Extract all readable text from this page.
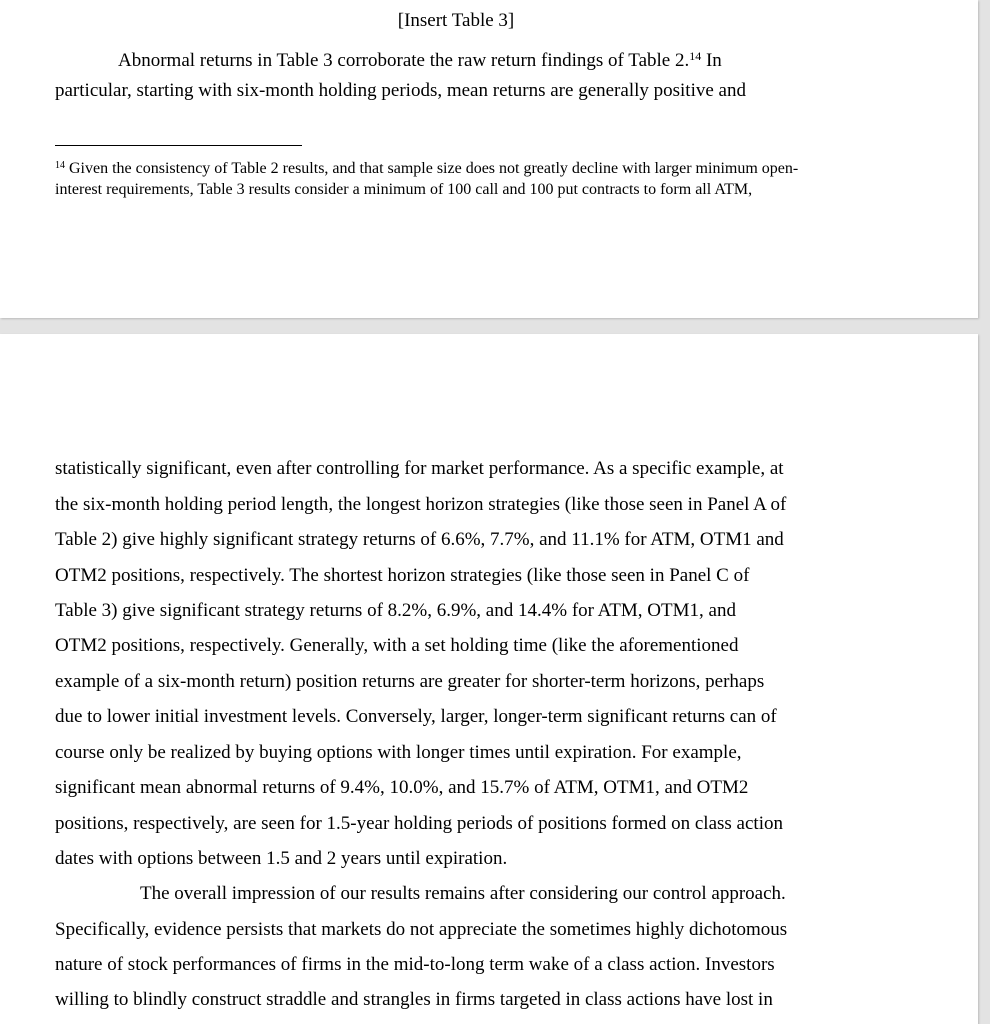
[Insert Table 3]
Abnormal returns in Table 3 corroborate the raw return findings of Table 2.14 In
particular, starting with six-month holding periods, mean returns are generally positive and
$^{14}$ Given the consistency of Table 2 results, and that sample size does not greatly decline with larger minimum open-
interest requirements, Table 3 results consider a minimum of 100 call and 100 put contracts to form all ATM,
statistically significant, even after controlling for market performance. As a specific example, at
the six-month holding period length, the longest horizon strategies (like those seen in Panel A of
Table 2) give highly significant strategy returns of 6.6%, 7.7%, and 11.1% for ATM, OTM1 and
OTM2 positions, respectively. The shortest horizon strategies (like those seen in Panel C of
Table 3) give significant strategy returns of 8.2%, 6.9%, and 14.4% for ATM, OTM1, and
OTM2 positions, respectively. Generally, with a set holding time (like the aforementioned
example of a six-month return) position returns are greater for shorter-term horizons, perhaps
due to lower initial investment levels. Conversely, larger, longer-term significant returns can of
course only be realized by buying options with longer times until expiration. For example,
significant mean abnormal returns of 9.4%, 10.0%, and 15.7% of ATM, OTM1, and OTM2
positions, respectively, are seen for 1.5-year holding periods of positions formed on class action
dates with options between 1.5 and 2 years until expiration.
The overall impression of our results remains after considering our control approach.
Specifically, evidence persists that markets do not appreciate the sometimes highly dichotomous
nature of stock performances of firms in the mid-to-long term wake of a class action. Investors
willing to blindly construct straddle and strangles in firms targeted in class actions have lost in
